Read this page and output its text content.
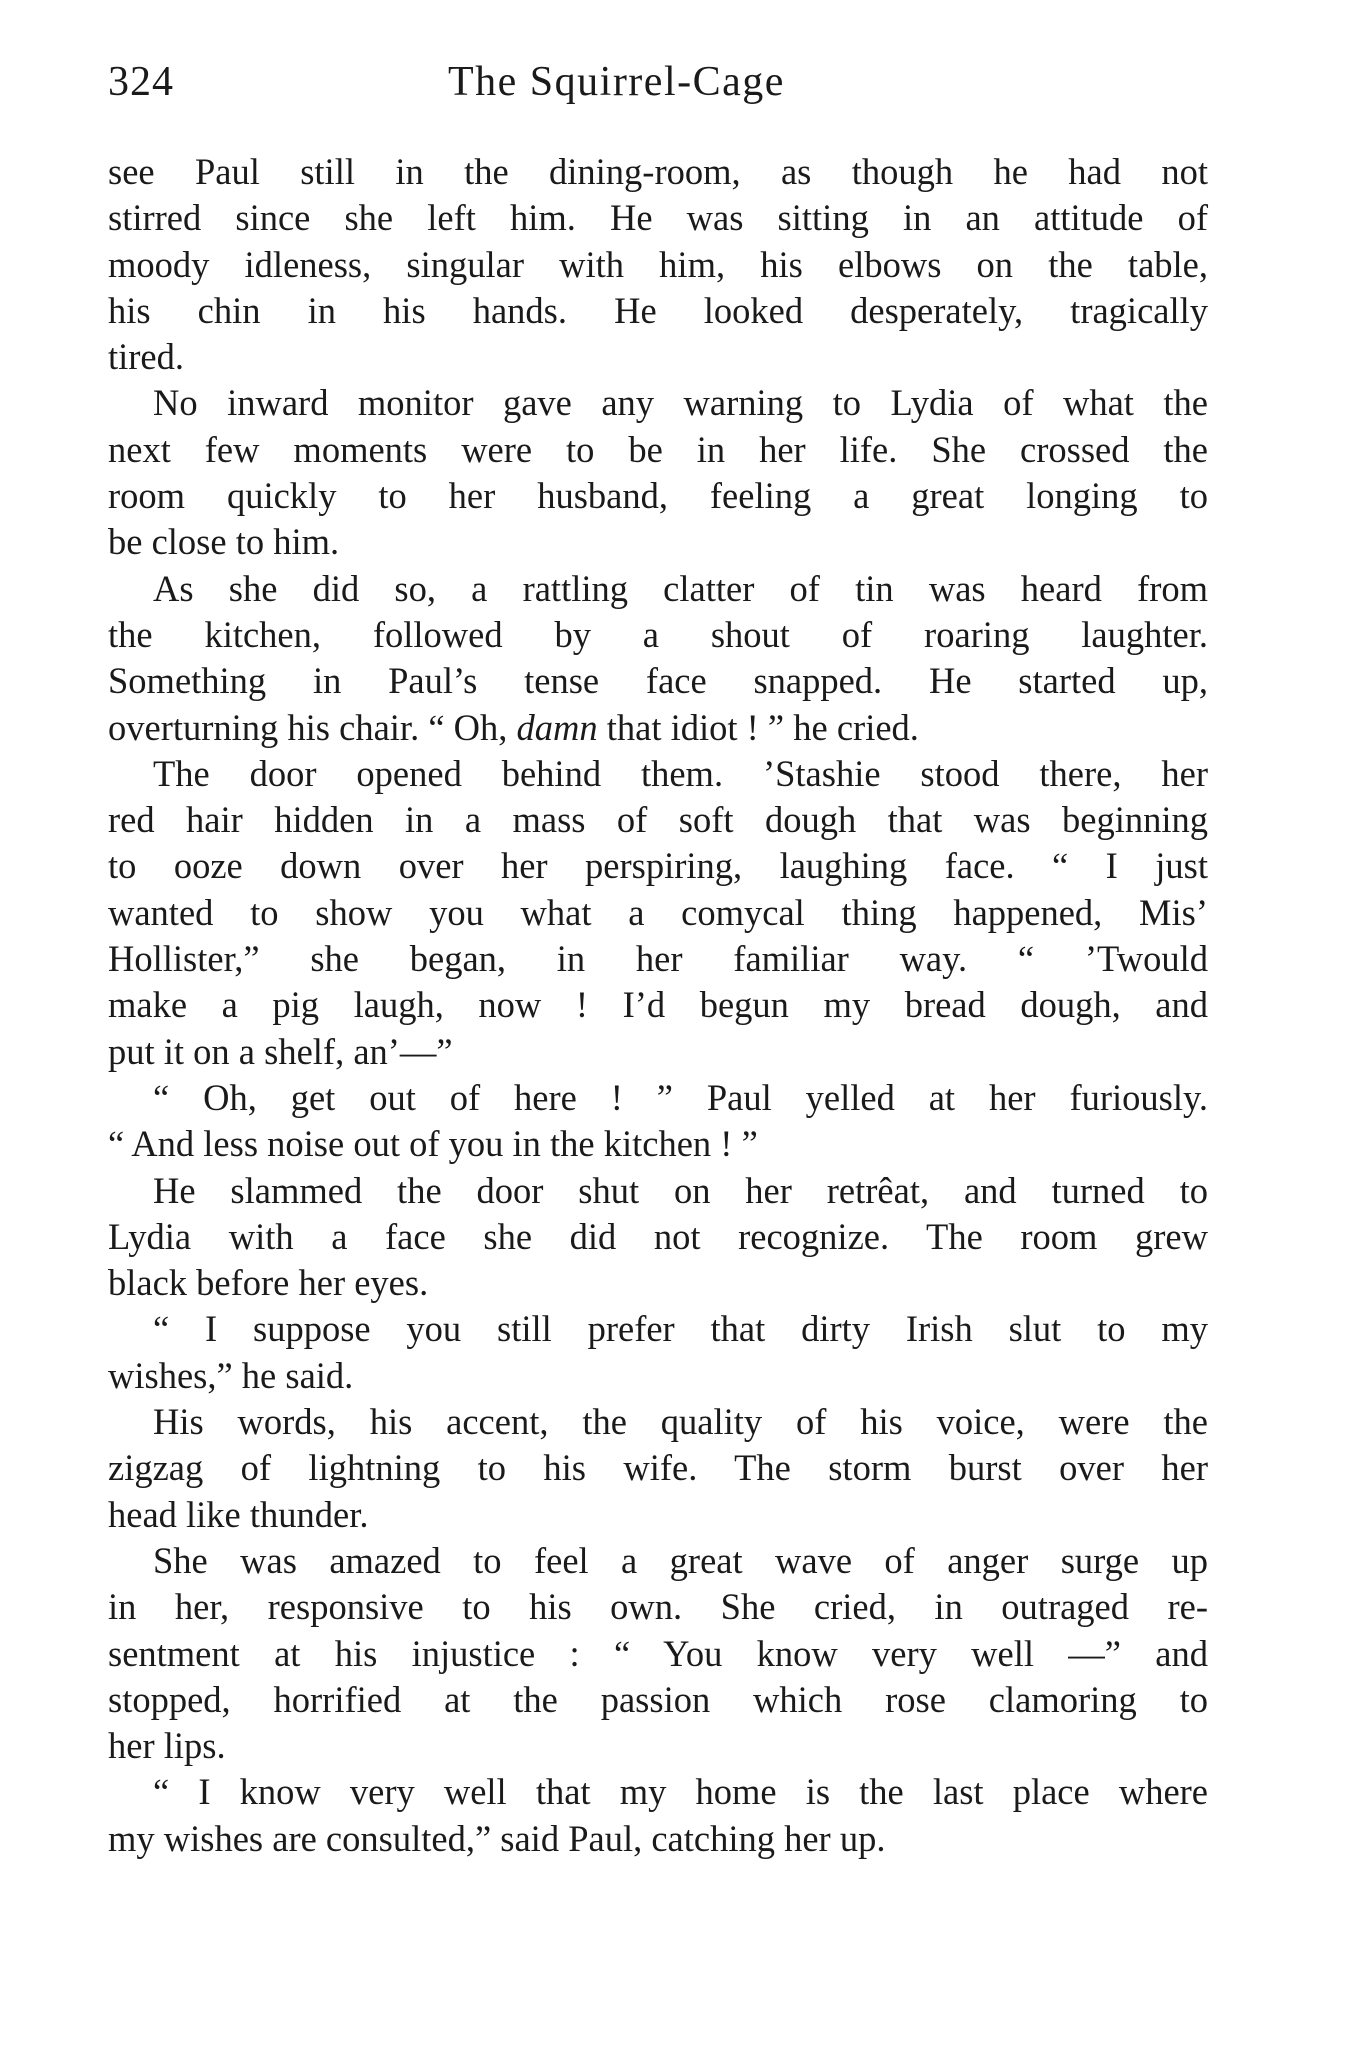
324	The Squirrel-Cage
see Paul still in the dining-room, as though he had not
stirred since she left him. He was sitting in an attitude of
moody idleness, singular with him, his elbows on the table,
his chin in his hands. He looked desperately, tragically
tired.
No inward monitor gave any warning to Lydia of what the
next few moments were to be in her life. She crossed the
room quickly to her husband, feeling a great longing to
be close to him.
As she did so, a rattling clatter of tin was heard from
the kitchen, followed by a shout of roaring laughter.
Something in Paul’s tense face snapped. He started up,
overturning his chair. “ Oh, damn that idiot ! ” he cried.
The door opened behind them. ’Stashie stood there, her
red hair hidden in a mass of soft dough that was beginning
to ooze down over her perspiring, laughing face. “ I just
wanted to show you what a comycal thing happened, Mis’
Hollister,” she began, in her familiar way. “ ’Twould
make a pig laugh, now ! I’d begun my bread dough, and
put it on a shelf, an’—”
“ Oh, get out of here ! ” Paul yelled at her furiously.
“ And less noise out of you in the kitchen ! ”
He slammed the door shut on her retrêat, and turned to
Lydia with a face she did not recognize. The room grew
black before her eyes.
“ I suppose you still prefer that dirty Irish slut to my
wishes,” he said.
His words, his accent, the quality of his voice, were the
zigzag of lightning to his wife. The storm burst over her
head like thunder.
She was amazed to feel a great wave of anger surge up
in her, responsive to his own. She cried, in outraged re-
sentment at his injustice : “ You know very well —” and
stopped, horrified at the passion which rose clamoring to
her lips.
“ I know very well that my home is the last place where
my wishes are consulted,” said Paul, catching her up.
